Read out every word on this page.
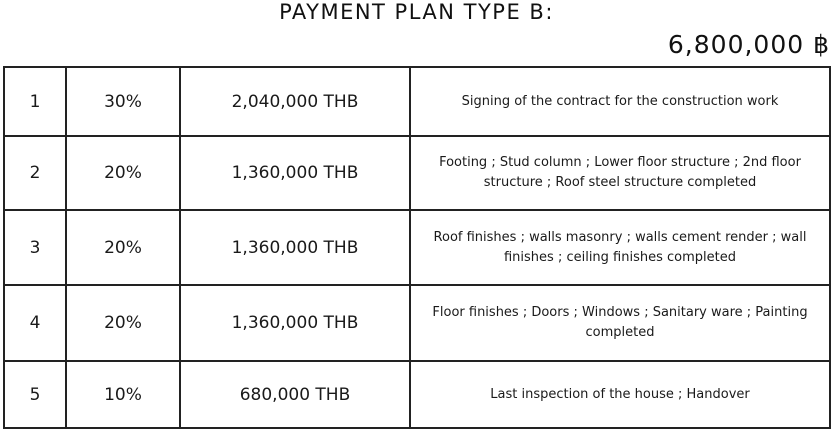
PAYMENT PLAN TYPE B:
6,800,000 ฿
1	30%	2,040,000 THB	Signing of the contract for the construction work
2	20%	1,360,000 THB	Footing ; Stud column ; Lower floor structure ; 2nd floor structure ; Roof steel structure completed
3	20%	1,360,000 THB	Roof finishes ; walls masonry ; walls cement render ; wall finishes ; ceiling finishes completed
4	20%	1,360,000 THB	Floor finishes ; Doors ; Windows ; Sanitary ware ; Painting completed
5	10%	680,000 THB	Last inspection of the house ; Handover
